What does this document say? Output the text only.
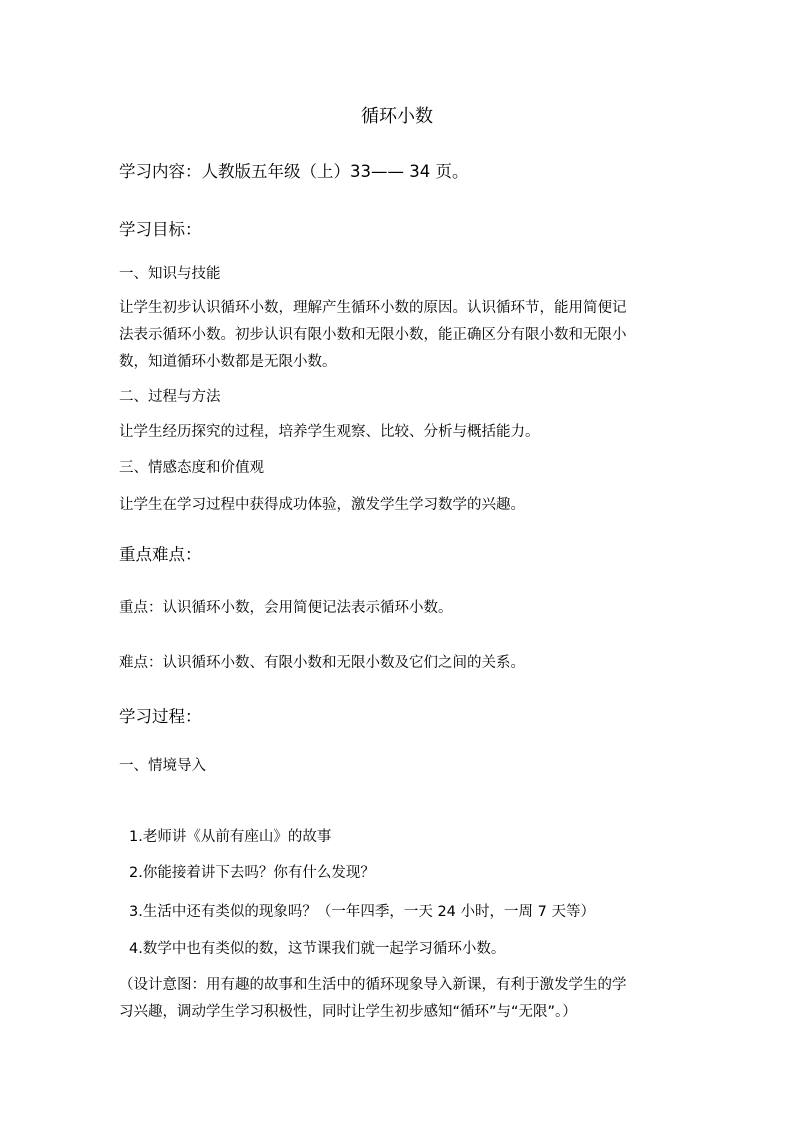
循环小数
学习内容：人教版五年级（上）33—— 34 页。
学习目标：
一、知识与技能

让学生初步认识循环小数，理解产生循环小数的原因。认识循环节，能用简便记

法表示循环小数。初步认识有限小数和无限小数，能正确区分有限小数和无限小

数，知道循环小数都是无限小数。

二、过程与方法
让学生经历探究的过程，培养学生观察、比较、分析与概括能力。
三、情感态度和价值观
让学生在学习过程中获得成功体验，激发学生学习数学的兴趣。
重点难点：
重点：认识循环小数，会用简便记法表示循环小数。
难点：认识循环小数、有限小数和无限小数及它们之间的关系。
学习过程：
一、情境导入
1.老师讲《从前有座山》的故事
2.你能接着讲下去吗？你有什么发现？
3.生活中还有类似的现象吗？（一年四季，一天 24 小时，一周 7 天等）
4.数学中也有类似的数，这节课我们就一起学习循环小数。

（设计意图：用有趣的故事和生活中的循环现象导入新课，有利于激发学生的学

习兴趣，调动学生学习积极性，同时让学生初步感知“循环”与“无限”。）
